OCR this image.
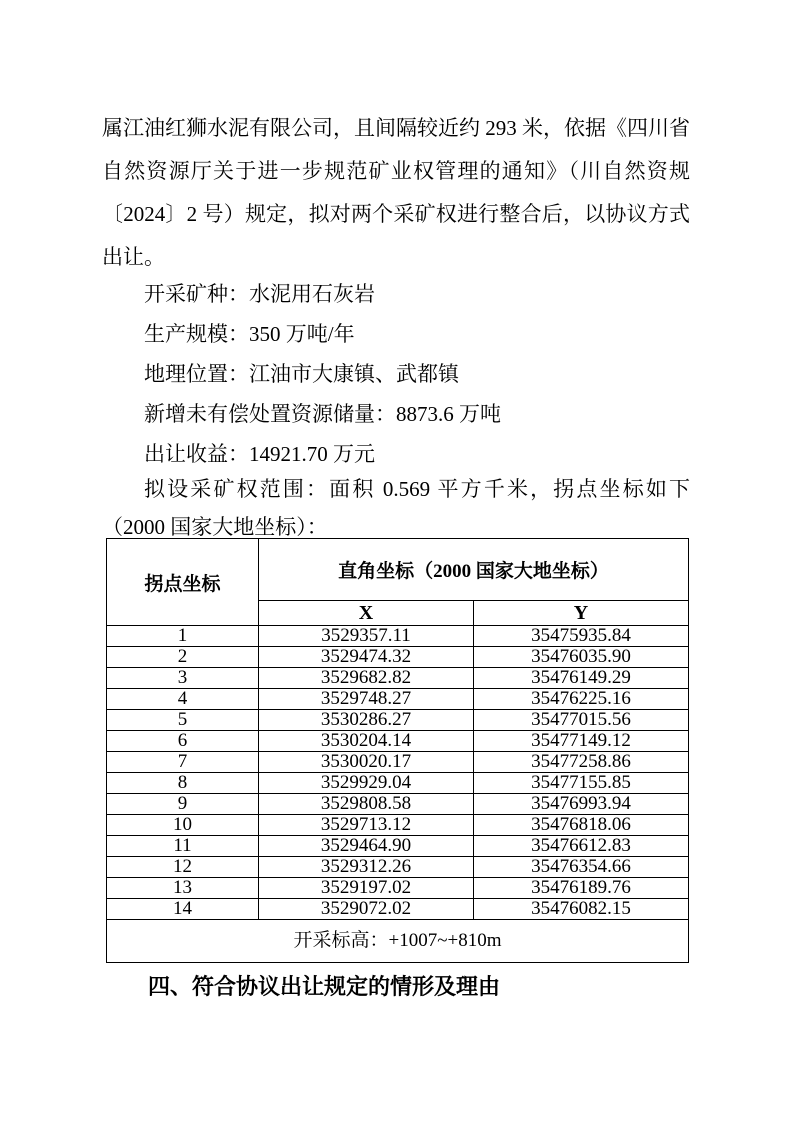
属江油红狮水泥有限公司，且间隔较近约 293 米，依据《四川省自然资源厅关于进一步规范矿业权管理的通知》（川自然资规〔2024〕2 号）规定，拟对两个采矿权进行整合后，以协议方式出让。

开采矿种：水泥用石灰岩

生产规模：350 万吨/年

地理位置：江油市大康镇、武都镇

新增未有偿处置资源储量：8873.6 万吨

出让收益：14921.70 万元

拟设采矿权范围：面积 0.569 平方千米，拐点坐标如下（2000 国家大地坐标）：

拐点坐标	直角坐标（2000 国家大地坐标）	
	X	Y
1	3529357.11	35475935.84
2	3529474.32	35476035.90
3	3529682.82	35476149.29
4	3529748.27	35476225.16
5	3530286.27	35477015.56
6	3530204.14	35477149.12
7	3530020.17	35477258.86
8	3529929.04	35477155.85
9	3529808.58	35476993.94
10	3529713.12	35476818.06
11	3529464.90	35476612.83
12	3529312.26	35476354.66
13	3529197.02	35476189.76
14	3529072.02	35476082.15
开采标高：+1007~+810m		

四、符合协议出让规定的情形及理由
